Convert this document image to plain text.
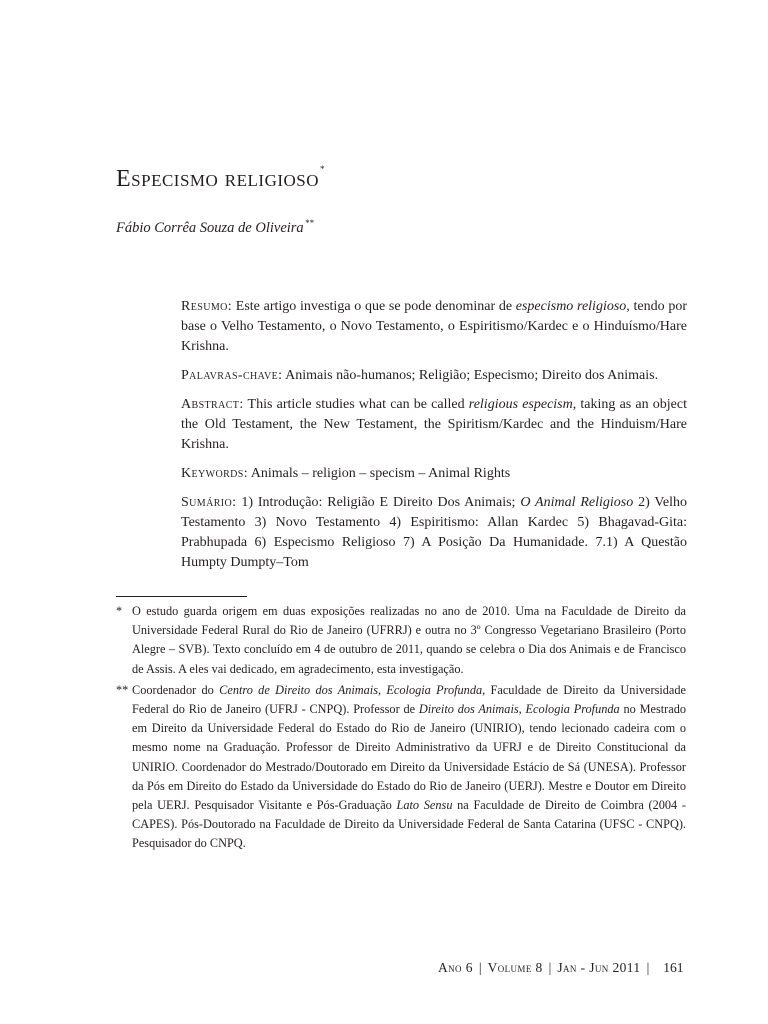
Especismo religioso*
Fábio Corrêa Souza de Oliveira**

Resumo: Este artigo investiga o que se pode denominar de especismo religioso, tendo por base o Velho Testamento, o Novo Testamento, o Espiritismo/Kardec e o Hinduísmo/Hare Krishna.

Palavras-chave: Animais não-humanos; Religião; Especismo; Direito dos Animais.

Abstract: This article studies what can be called religious especism, taking as an object the Old Testament, the New Testament, the Spiritism/Kardec and the Hinduism/Hare Krishna.

Keywords: Animals – religion – specism – Animal Rights

Sumário: 1) Introdução: Religião E Direito Dos Animais; O Animal Religioso 2) Velho Testamento 3) Novo Testamento 4) Espiritismo: Allan Kardec 5) Bhagavad-Gita: Prabhupada 6) Especismo Religioso 7) A Posição Da Humanidade. 7.1) A Questão Humpty Dumpty–Tom

* O estudo guarda origem em duas exposições realizadas no ano de 2010. Uma na Faculdade de Direito da Universidade Federal Rural do Rio de Janeiro (UFRRJ) e outra no 3º Congresso Vegetariano Brasileiro (Porto Alegre – SVB). Texto concluído em 4 de outubro de 2011, quando se celebra o Dia dos Animais e de Francisco de Assis. A eles vai dedicado, em agradecimento, esta investigação.
** Coordenador do Centro de Direito dos Animais, Ecologia Profunda, Faculdade de Direito da Universidade Federal do Rio de Janeiro (UFRJ - CNPQ). Professor de Direito dos Animais, Ecologia Profunda no Mestrado em Direito da Universidade Federal do Estado do Rio de Janeiro (UNIRIO), tendo lecionado cadeira com o mesmo nome na Graduação. Professor de Direito Administrativo da UFRJ e de Direito Constitucional da UNIRIO. Coordenador do Mestrado/Doutorado em Direito da Universidade Estácio de Sá (UNESA). Professor da Pós em Direito do Estado da Universidade do Estado do Rio de Janeiro (UERJ). Mestre e Doutor em Direito pela UERJ. Pesquisador Visitante e Pós-Graduação Lato Sensu na Faculdade de Direito de Coimbra (2004 - CAPES). Pós-Doutorado na Faculdade de Direito da Universidade Federal de Santa Catarina (UFSC - CNPQ). Pesquisador do CNPQ.
Ano 6 | Volume 8 | Jan - Jun 2011 | 161
